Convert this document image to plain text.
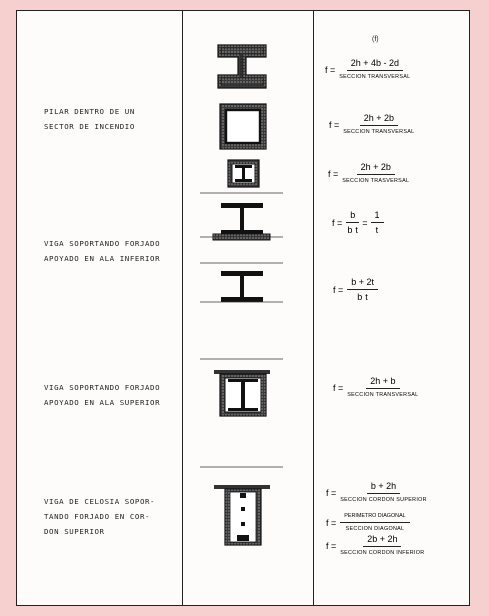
(f)
PILAR DENTRO DE UN
SECTOR DE INCENDIO
VIGA SOPORTANDO FORJADO
APOYADO EN ALA INFERIOR
VIGA SOPORTANDO FORJADO
APOYADO EN ALA SUPERIOR
VIGA DE CELOSIA SOPOR-
TANDO FORJADO EN COR-
DON SUPERIOR
$f = \frac{2h + 4b - 2d}{\text{SECCION TRANSVERSAL}}$
$f = \frac{2h + 2b}{\text{SECCION TRANSVERSAL}}$
$f = \frac{2h + 2b}{\text{SECCION TRASVERSAL}}$
$f = \frac{b}{\text{b t}} = \frac{1}{t}$
$f = \frac{b + 2t}{\text{b t}}$
$f = \frac{2h + b}{\text{SECCION TRANSVERSAL}}$
$f = \frac{b + 2h}{\text{SECCION CORDON SUPERIOR}}$
$f = \frac{\text{PERIMETRO DIAGONAL}}{\text{SECCION DIAGONAL}}$
$f = \frac{2b + 2h}{\text{SECCION CORDON INFERIOR}}$
